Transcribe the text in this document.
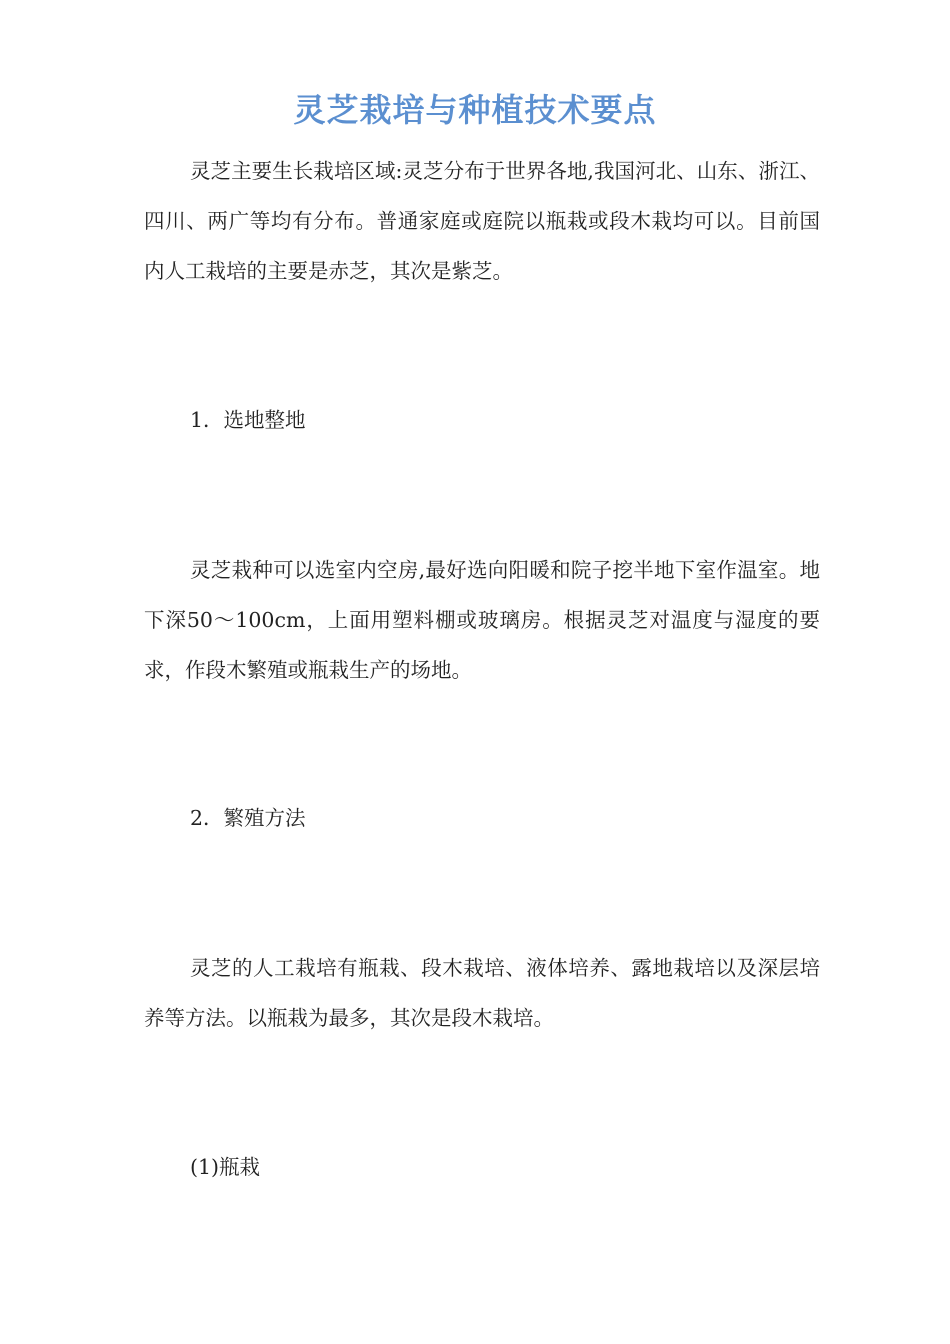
灵芝栽培与种植技术要点

灵芝主要生长栽培区域:灵芝分布于世界各地,我国河北、山东、浙江、四川、两广等均有分布。普通家庭或庭院以瓶栽或段木栽均可以。目前国内人工栽培的主要是赤芝，其次是紫芝。

1．选地整地

灵芝栽种可以选室内空房,最好选向阳暖和院子挖半地下室作温室。地下深50～100cm，上面用塑料棚或玻璃房。根据灵芝对温度与湿度的要求，作段木繁殖或瓶栽生产的场地。

2．繁殖方法

灵芝的人工栽培有瓶栽、段木栽培、液体培养、露地栽培以及深层培养等方法。以瓶栽为最多，其次是段木栽培。

(1)瓶栽
